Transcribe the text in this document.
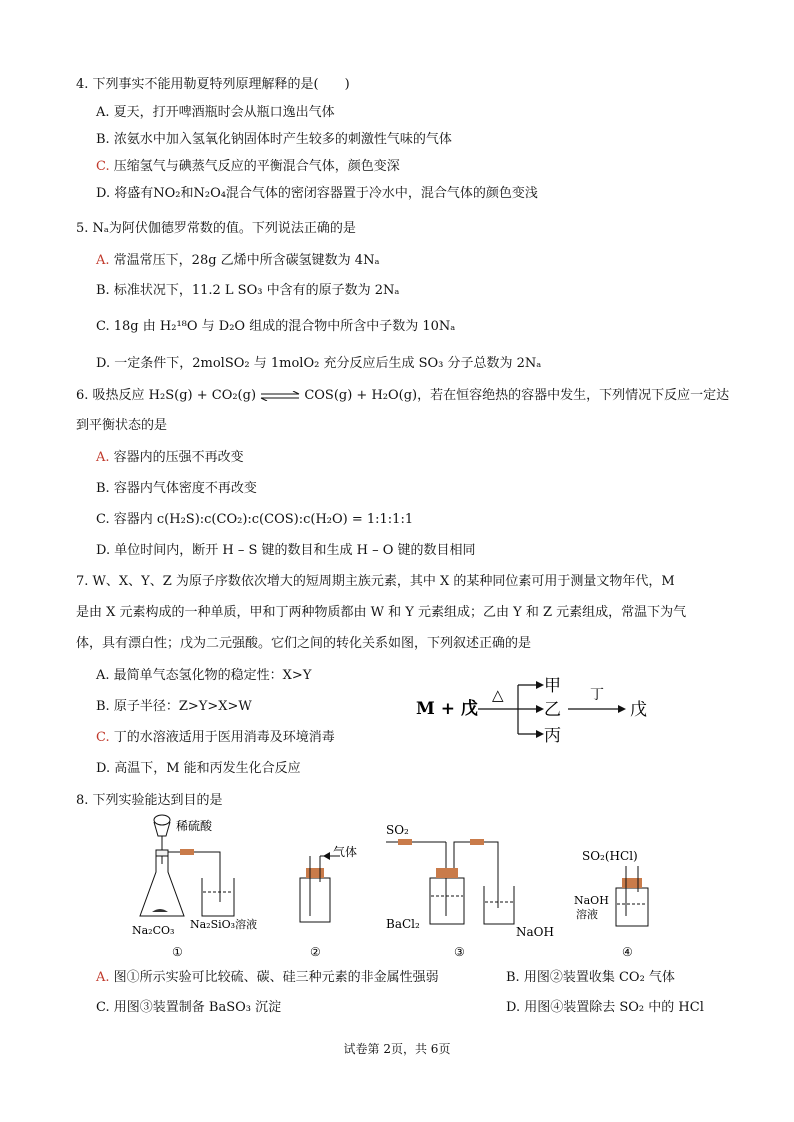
4. 下列事实不能用勒夏特列原理解释的是(　　)
A. 夏天，打开啤酒瓶时会从瓶口逸出气体
B. 浓氨水中加入氢氧化钠固体时产生较多的刺激性气味的气体
C. 压缩氢气与碘蒸气反应的平衡混合气体，颜色变深
D. 将盛有NO₂和N₂O₄混合气体的密闭容器置于冷水中，混合气体的颜色变浅
5. Nₐ为阿伏伽德罗常数的值。下列说法正确的是
A. 常温常压下，28g 乙烯中所含碳氢键数为 4Nₐ
B. 标准状况下，11.2 L SO₃ 中含有的原子数为 2Nₐ
C. 18g 由 H₂¹⁸O 与 D₂O 组成的混合物中所含中子数为 10Nₐ
D. 一定条件下，2molSO₂ 与 1molO₂ 充分反应后生成 SO₃ 分子总数为 2Nₐ
6. 吸热反应 H₂S(g) + CO₂(g) ⇌ COS(g) + H₂O(g)，若在恒容绝热的容器中发生，下列情况下反应一定达
到平衡状态的是
A. 容器内的压强不再改变
B. 容器内气体密度不再改变
C. 容器内 c(H₂S):c(CO₂):c(COS):c(H₂O) = 1:1:1:1
D. 单位时间内，断开 H – S 键的数目和生成 H – O 键的数目相同
7. W、X、Y、Z 为原子序数依次增大的短周期主族元素，其中 X 的某种同位素可用于测量文物年代，M
是由 X 元素构成的一种单质，甲和丁两种物质都由 W 和 Y 元素组成；乙由 Y 和 Z 元素组成，常温下为气
体，具有漂白性；戊为二元强酸。它们之间的转化关系如图，下列叙述正确的是
A. 最简单气态氢化物的稳定性：X>Y
B. 原子半径：Z>Y>X>W
C. 丁的水溶液适用于医用消毒及环境消毒
D. 高温下，M 能和丙发生化合反应
M + 戊
△ 甲
乙
丙
丁
戊
8. 下列实验能达到目的是
稀硫酸
Na₂CO₃ Na₂SiO₃溶液
①
气体
②
SO₂
BaCl₂
NaOH
③
SO₂(HCl)
NaOH
溶液
④
A. 图①所示实验可比较硫、碳、硅三种元素的非金属性强弱	B. 用图②装置收集 CO₂ 气体
C. 用图③装置制备 BaSO₃ 沉淀	D. 用图④装置除去 SO₂ 中的 HCl
试卷第 2页，共 6页
